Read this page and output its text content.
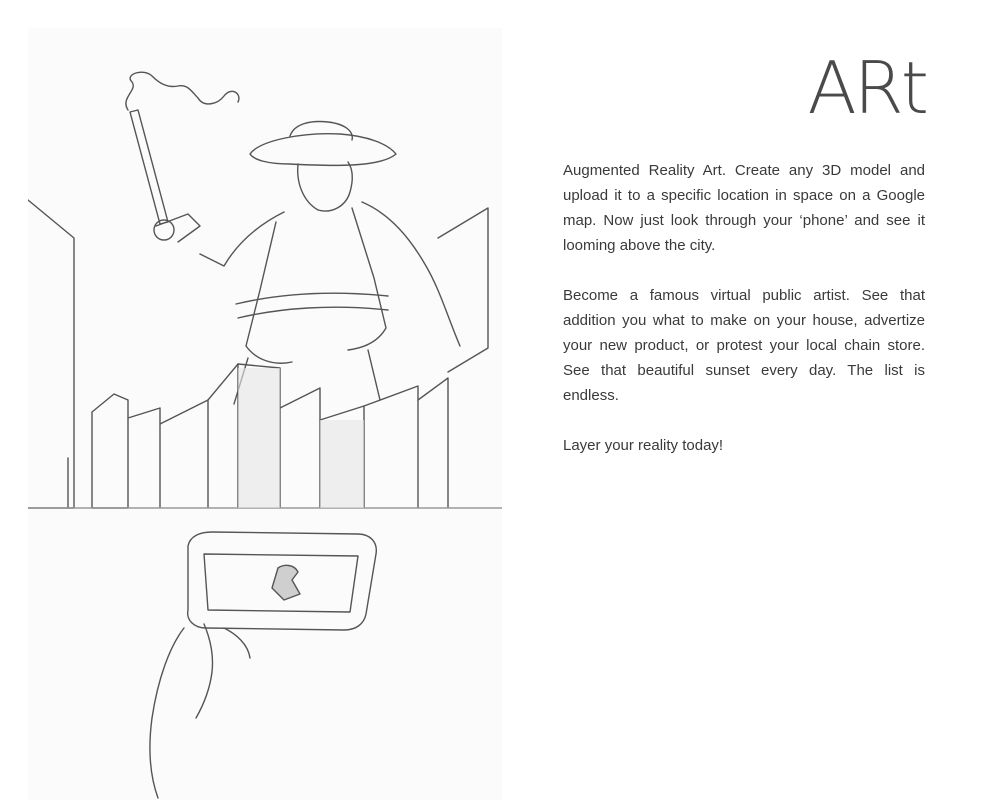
ARt

Augmented Reality Art. Create any 3D model and upload it to a specific location in space on a Google map. Now just look through your ‘phone’ and see it looming above the city.

Become a famous virtual public artist. See that addition you what to make on your house, advertize your new product, or protest your local chain store. See that beautiful sunset every day. The list is endless.

Layer your reality today!
